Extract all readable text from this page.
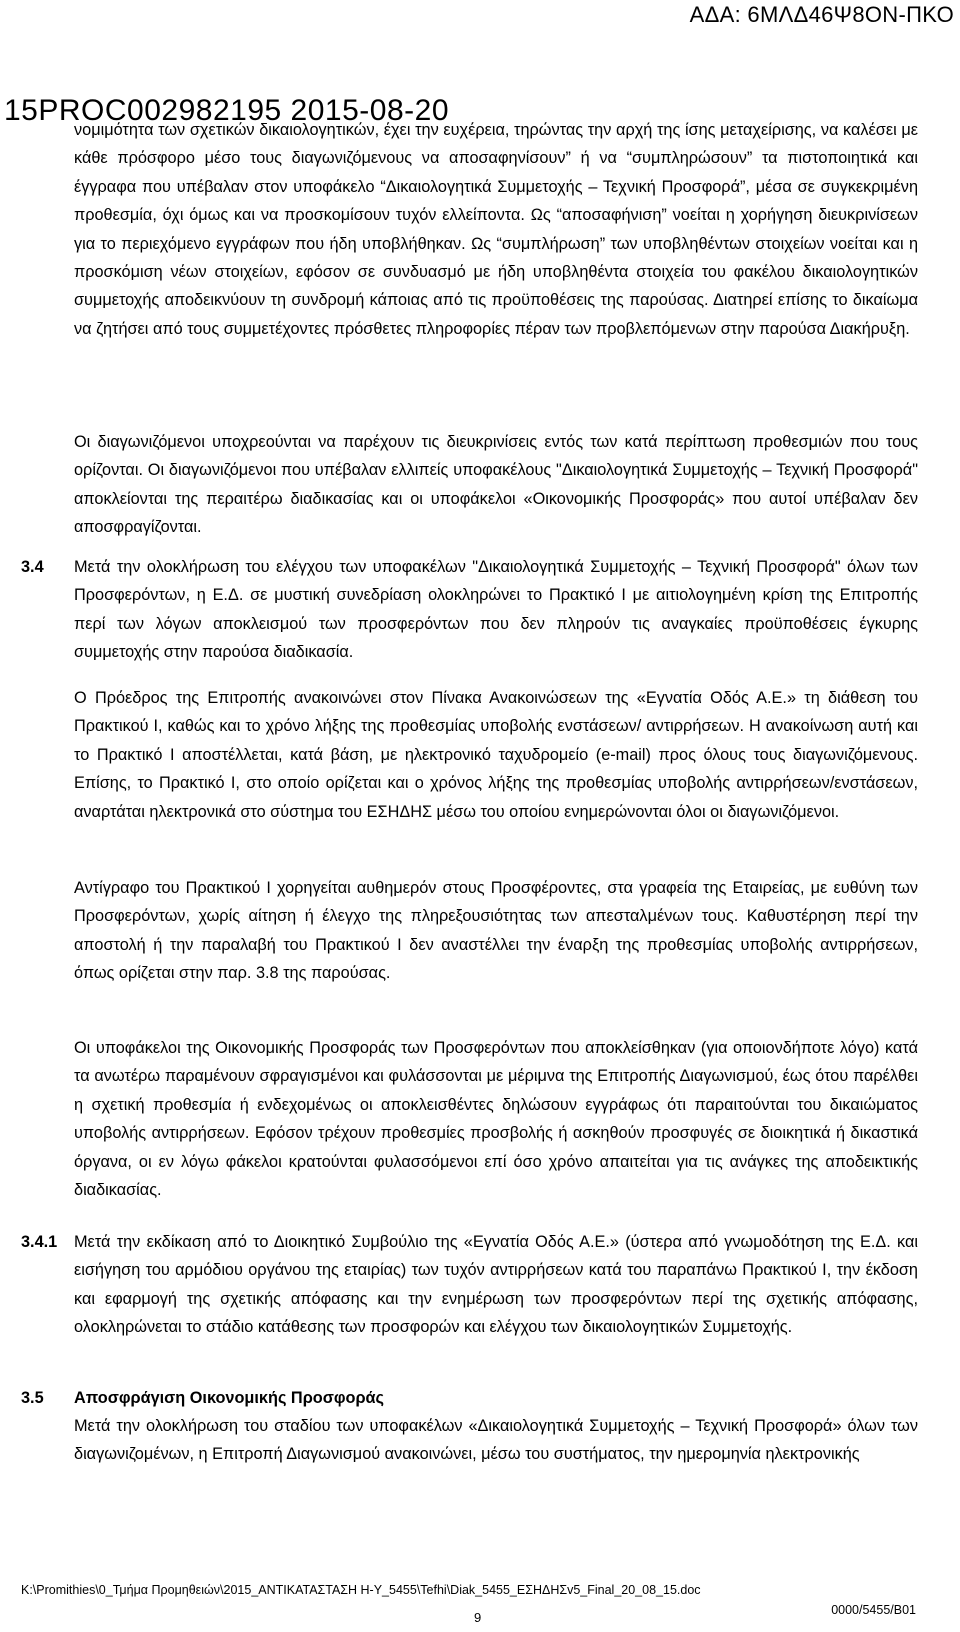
ΑΔΑ: 6ΜΛΔ46Ψ8ΟΝ-ΠΚΟ
15PROC002982195 2015-08-20

νομιμότητα των σχετικών δικαιολογητικών, έχει την ευχέρεια, τηρώντας την αρχή της ίσης μεταχείρισης, να καλέσει με κάθε πρόσφορο μέσο τους διαγωνιζόμενους να αποσαφηνίσουν” ή να “συμπληρώσουν” τα πιστοποιητικά και έγγραφα που υπέβαλαν στον υποφάκελο “Δικαιολογητικά Συμμετοχής – Τεχνική Προσφορά”, μέσα σε συγκεκριμένη προθεσμία, όχι όμως και να προσκομίσουν τυχόν ελλείποντα. Ως “αποσαφήνιση” νοείται η χορήγηση διευκρινίσεων για το περιεχόμενο εγγράφων που ήδη υποβλήθηκαν. Ως “συμπλήρωση” των υποβληθέντων στοιχείων νοείται και η προσκόμιση νέων στοιχείων, εφόσον σε συνδυασμό με ήδη υποβληθέντα στοιχεία του φακέλου δικαιολογητικών συμμετοχής αποδεικνύουν τη συνδρομή κάποιας από τις προϋποθέσεις της παρούσας. Διατηρεί επίσης το δικαίωμα να ζητήσει από τους συμμετέχοντες πρόσθετες πληροφορίες πέραν των προβλεπόμενων στην παρούσα Διακήρυξη.

Οι διαγωνιζόμενοι υποχρεούνται να παρέχουν τις διευκρινίσεις εντός των κατά περίπτωση προθεσμιών που τους ορίζονται. Οι διαγωνιζόμενοι που υπέβαλαν ελλιπείς υποφακέλους "Δικαιολογητικά Συμμετοχής – Τεχνική Προσφορά" αποκλείονται της περαιτέρω διαδικασίας και οι υποφάκελοι «Οικονομικής Προσφοράς» που αυτοί υπέβαλαν δεν αποσφραγίζονται.

3.4 Μετά την ολοκλήρωση του ελέγχου των υποφακέλων "Δικαιολογητικά Συμμετοχής – Τεχνική Προσφορά" όλων των Προσφερόντων, η Ε.Δ. σε μυστική συνεδρίαση ολοκληρώνει το Πρακτικό Ι με αιτιολογημένη κρίση της Επιτροπής περί των λόγων αποκλεισμού των προσφερόντων που δεν πληρούν τις αναγκαίες προϋποθέσεις έγκυρης συμμετοχής στην παρούσα διαδικασία.

Ο Πρόεδρος της Επιτροπής ανακοινώνει στον Πίνακα Ανακοινώσεων της «Εγνατία Οδός Α.Ε.» τη διάθεση του Πρακτικού Ι, καθώς και το χρόνο λήξης της προθεσμίας υποβολής ενστάσεων/ αντιρρήσεων. Η ανακοίνωση αυτή και το Πρακτικό Ι αποστέλλεται, κατά βάση, με ηλεκτρονικό ταχυδρομείο (e-mail) προς όλους τους διαγωνιζόμενους. Επίσης, το Πρακτικό Ι, στο οποίο ορίζεται και ο χρόνος λήξης της προθεσμίας υποβολής αντιρρήσεων/ενστάσεων, αναρτάται ηλεκτρονικά στο σύστημα του ΕΣΗΔΗΣ μέσω του οποίου ενημερώνονται όλοι οι διαγωνιζόμενοι.

Αντίγραφο του Πρακτικού Ι χορηγείται αυθημερόν στους Προσφέροντες, στα γραφεία της Εταιρείας, με ευθύνη των Προσφερόντων, χωρίς αίτηση ή έλεγχο της πληρεξουσιότητας των απεσταλμένων τους. Καθυστέρηση περί την αποστολή ή την παραλαβή του Πρακτικού Ι δεν αναστέλλει την έναρξη της προθεσμίας υποβολής αντιρρήσεων, όπως ορίζεται στην παρ. 3.8 της παρούσας.

Οι υποφάκελοι της Οικονομικής Προσφοράς των Προσφερόντων που αποκλείσθηκαν (για οποιονδήποτε λόγο) κατά τα ανωτέρω παραμένουν σφραγισμένοι και φυλάσσονται με μέριμνα της Επιτροπής Διαγωνισμού, έως ότου παρέλθει η σχετική προθεσμία ή ενδεχομένως οι αποκλεισθέντες δηλώσουν εγγράφως ότι παραιτούνται του δικαιώματος υποβολής αντιρρήσεων. Εφόσον τρέχουν προθεσμίες προσβολής ή ασκηθούν προσφυγές σε διοικητικά ή δικαστικά όργανα, οι εν λόγω φάκελοι κρατούνται φυλασσόμενοι επί όσο χρόνο απαιτείται για τις ανάγκες της αποδεικτικής διαδικασίας.

3.4.1 Μετά την εκδίκαση από το Διοικητικό Συμβούλιο της «Εγνατία Οδός Α.Ε.» (ύστερα από γνωμοδότηση της Ε.Δ. και εισήγηση του αρμόδιου οργάνου της εταιρίας) των τυχόν αντιρρήσεων κατά του παραπάνω Πρακτικού Ι, την έκδοση και εφαρμογή της σχετικής απόφασης και την ενημέρωση των προσφερόντων περί της σχετικής απόφασης, ολοκληρώνεται το στάδιο κατάθεσης των προσφορών και ελέγχου των δικαιολογητικών Συμμετοχής.

3.5 Αποσφράγιση Οικονομικής Προσφοράς

Μετά την ολοκλήρωση του σταδίου των υποφακέλων «Δικαιολογητικά Συμμετοχής – Τεχνική Προσφορά» όλων των διαγωνιζομένων, η Επιτροπή Διαγωνισμού ανακοινώνει, μέσω του συστήματος, την ημερομηνία ηλεκτρονικής

K:\Promithies\0_Τμήμα Προμηθειών\2015_ΑΝΤΙΚΑΤΑΣΤΑΣΗ Η-Υ_5455\Tefhi\Diak_5455_ΕΣΗΔΗΣv5_Final_20_08_15.doc
0000/5455/B01
9
